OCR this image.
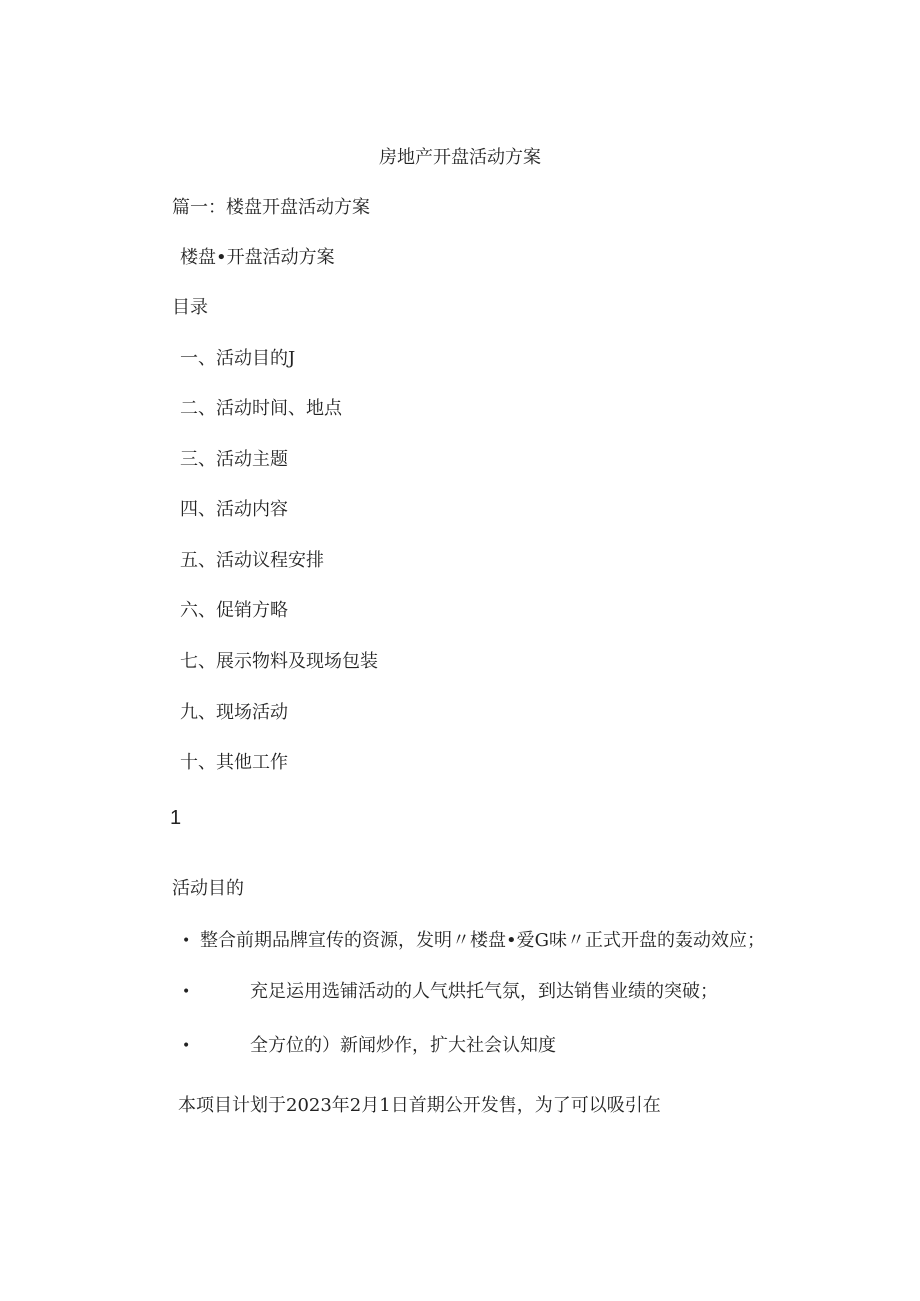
房地产开盘活动方案
篇一：楼盘开盘活动方案
楼盘•开盘活动方案
目录
一、活动目的J
二、活动时间、地点
三、活动主题
四、活动内容
五、活动议程安排
六、促销方略
七、展示物料及现场包装
九、现场活动
十、其他工作
1
活动目的
• 整合前期品牌宣传的资源，发明〃楼盘•爱G味〃正式开盘的轰动效应；
•	充足运用选铺活动的人气烘托气氛，到达销售业绩的突破；
•	全方位的）新闻炒作，扩大社会认知度
本项目计划于2023年2月1日首期公开发售，为了可以吸引在
